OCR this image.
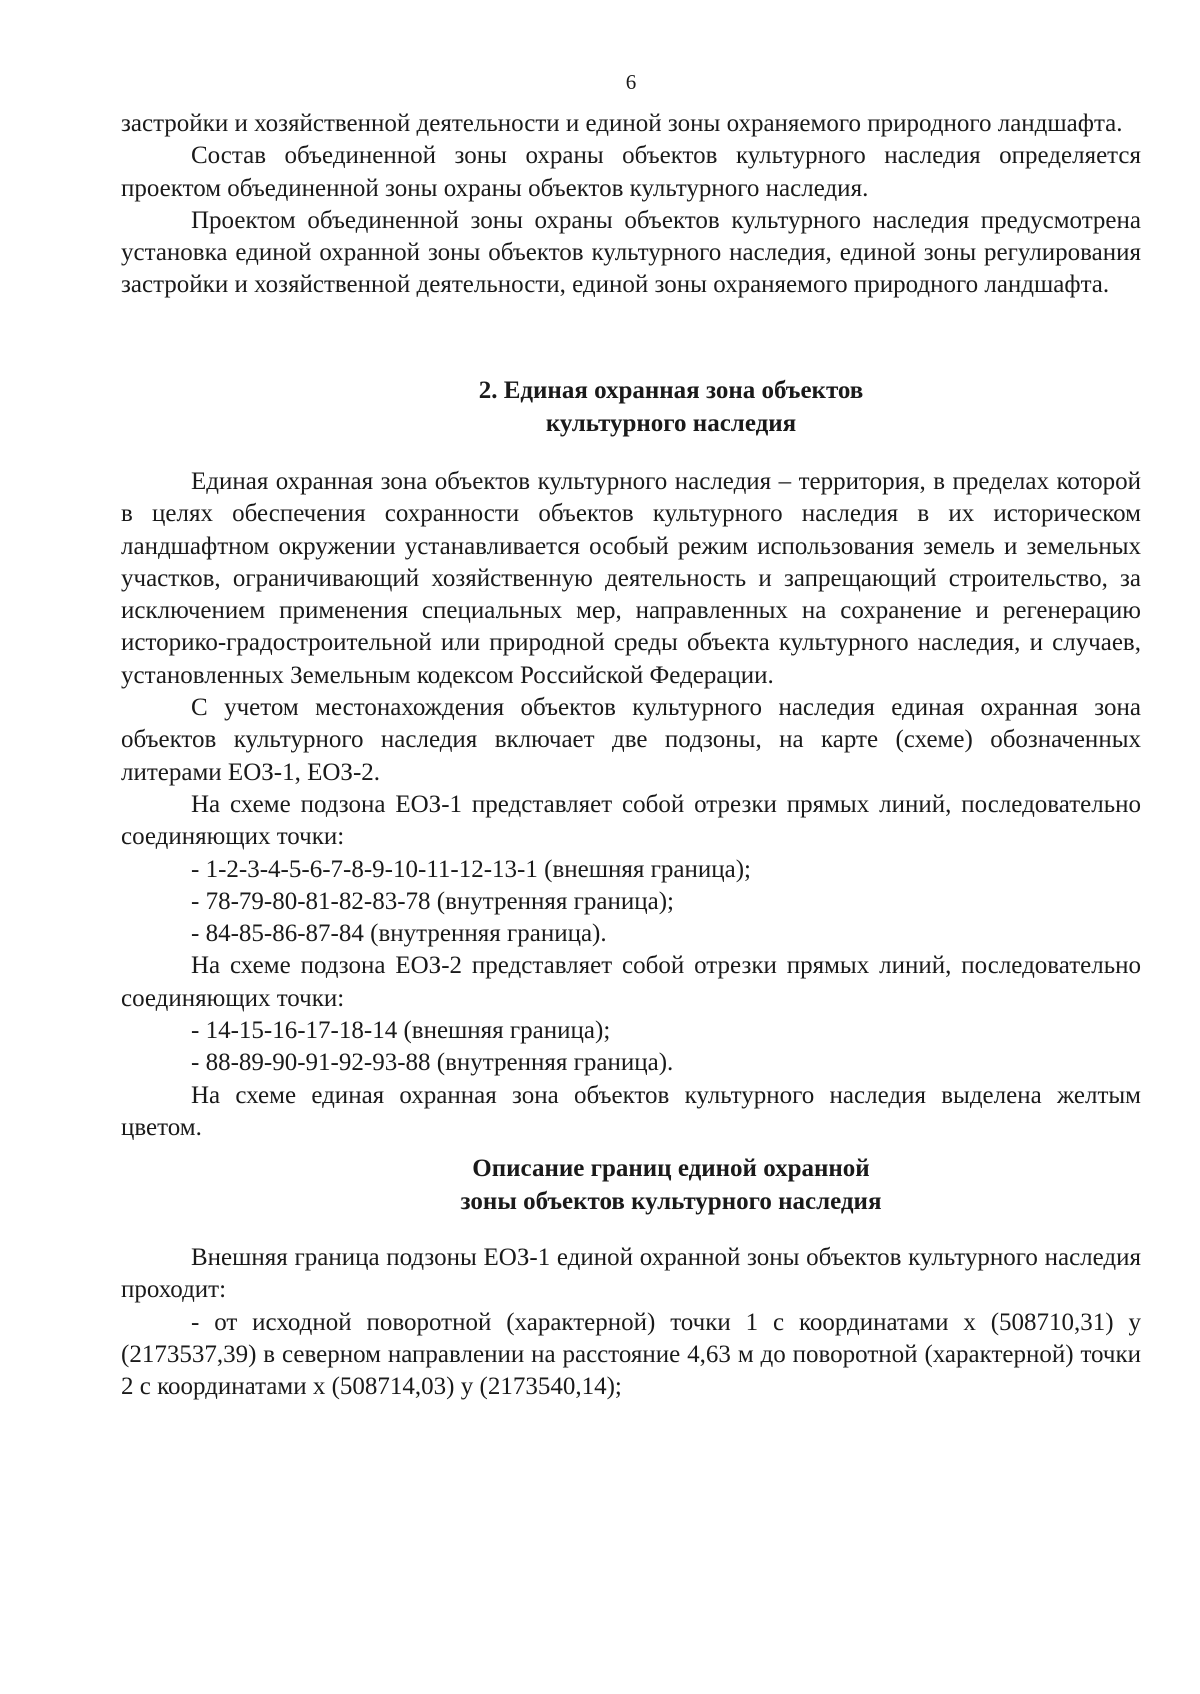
6

застройки и хозяйственной деятельности и единой зоны охраняемого природного ландшафта.

Состав объединенной зоны охраны объектов культурного наследия определяется проектом объединенной зоны охраны объектов культурного наследия.

Проектом объединенной зоны охраны объектов культурного наследия предусмотрена установка единой охранной зоны объектов культурного наследия, единой зоны регулирования застройки и хозяйственной деятельности, единой зоны охраняемого природного ландшафта.

2. Единая охранная зона объектов
культурного наследия

Единая охранная зона объектов культурного наследия – территория, в пределах которой в целях обеспечения сохранности объектов культурного наследия в их историческом ландшафтном окружении устанавливается особый режим использования земель и земельных участков, ограничивающий хозяйственную деятельность и запрещающий строительство, за исключением применения специальных мер, направленных на сохранение и регенерацию историко-градостроительной или природной среды объекта культурного наследия, и случаев, установленных Земельным кодексом Российской Федерации.

С учетом местонахождения объектов культурного наследия единая охранная зона объектов культурного наследия включает две подзоны, на карте (схеме) обозначенных литерами ЕОЗ-1, ЕОЗ-2.

На схеме подзона ЕОЗ-1 представляет собой отрезки прямых линий, последовательно соединяющих точки:

- 1-2-3-4-5-6-7-8-9-10-11-12-13-1 (внешняя граница);

- 78-79-80-81-82-83-78 (внутренняя граница);

- 84-85-86-87-84 (внутренняя граница).

На схеме подзона ЕОЗ-2 представляет собой отрезки прямых линий, последовательно соединяющих точки:

- 14-15-16-17-18-14 (внешняя граница);

- 88-89-90-91-92-93-88 (внутренняя граница).

На схеме единая охранная зона объектов культурного наследия выделена желтым цветом.

Описание границ единой охранной
зоны объектов культурного наследия

Внешняя граница подзоны ЕОЗ-1 единой охранной зоны объектов культурного наследия проходит:

- от исходной поворотной (характерной) точки 1 с координатами х (508710,31) у (2173537,39) в северном направлении на расстояние 4,63 м до поворотной (характерной) точки 2 с координатами х (508714,03) у (2173540,14);
